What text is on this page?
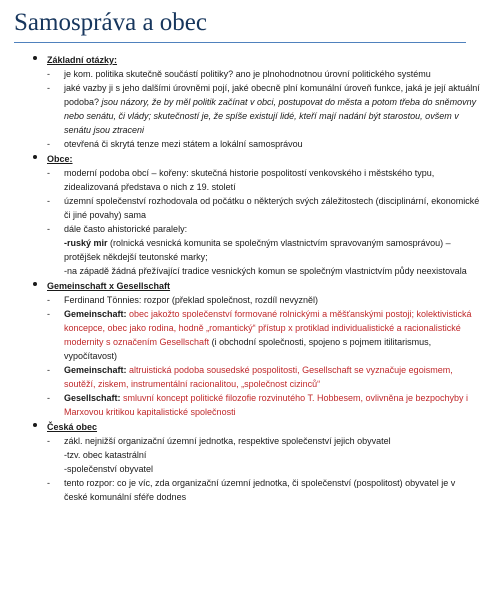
Samospráva a obec
Základní otázky:
- je kom. politika skutečně součástí politiky? ano je plnohodnotnou úrovní politického systému
- jaké vazby ji s jeho dalšími úrovněmi pojí, jaké obecně plní komunální úroveň funkce, jaká je její aktuální podoba? jsou názory, že by měl politik začínat v obci, postupovat do města a potom třeba do sněmovny nebo senátu, či vlády; skutečností je, že spíše existují lidé, kteří mají nadání být starostou, ovšem v senátu jsou ztraceni
- otevřená či skrytá tenze mezi státem a lokální samosprávou
Obce:
- moderní podoba obcí – kořeny: skutečná historie pospolitostí venkovského i městského typu, zidealizovaná představa o nich z 19. století
- územní společenství rozhodovala od počátku o některých svých záležitostech (disciplinární, ekonomické či jiné povahy) sama
- dále často ahistorické paralely:
-ruský mir (rolnická vesnická komunita se společným vlastnictvím spravovaným samosprávou) – protějšek někdejší teutonské marky;
-na západě žádná přežívající tradice vesnických komun se společným vlastnictvím půdy neexistovala
Gemeinschaft x Gesellschaft
- Ferdinand Tönnies: rozpor (překlad společnost, rozdíl nevyzněl)
- Gemeinschaft: obec jakožto společenství formované rolnickými a měšťanskými postoji; kolektivistická koncepce, obec jako rodina, hodně „romantický“ přístup x protiklad individualistické a racionalistické modernity s označením Gesellschaft (i obchodní společnosti, spojeno s pojmem itilitarismus, vypočítavost)
- Gemeinschaft: altruistická podoba sousedské pospolitosti, Gesellschaft se vyznačuje egoismem, soutěží, ziskem, instrumentální racionalitou, „společnost cizinců“
- Gesellschaft: smluvní koncept politické filozofie rozvinutého T. Hobbesem, ovlivněna je bezpochyby i Marxovou kritikou kapitalistické společnosti
Česká obec
- zákl. nejnižší organizační územní jednotka, respektive společenství jejich obyvatel
-tzv. obec katastrální
-společenství obyvatel
- tento rozpor: co je víc, zda organizační územní jednotka, či společenství (pospolitost) obyvatel je v české komunální sféře dodnes
